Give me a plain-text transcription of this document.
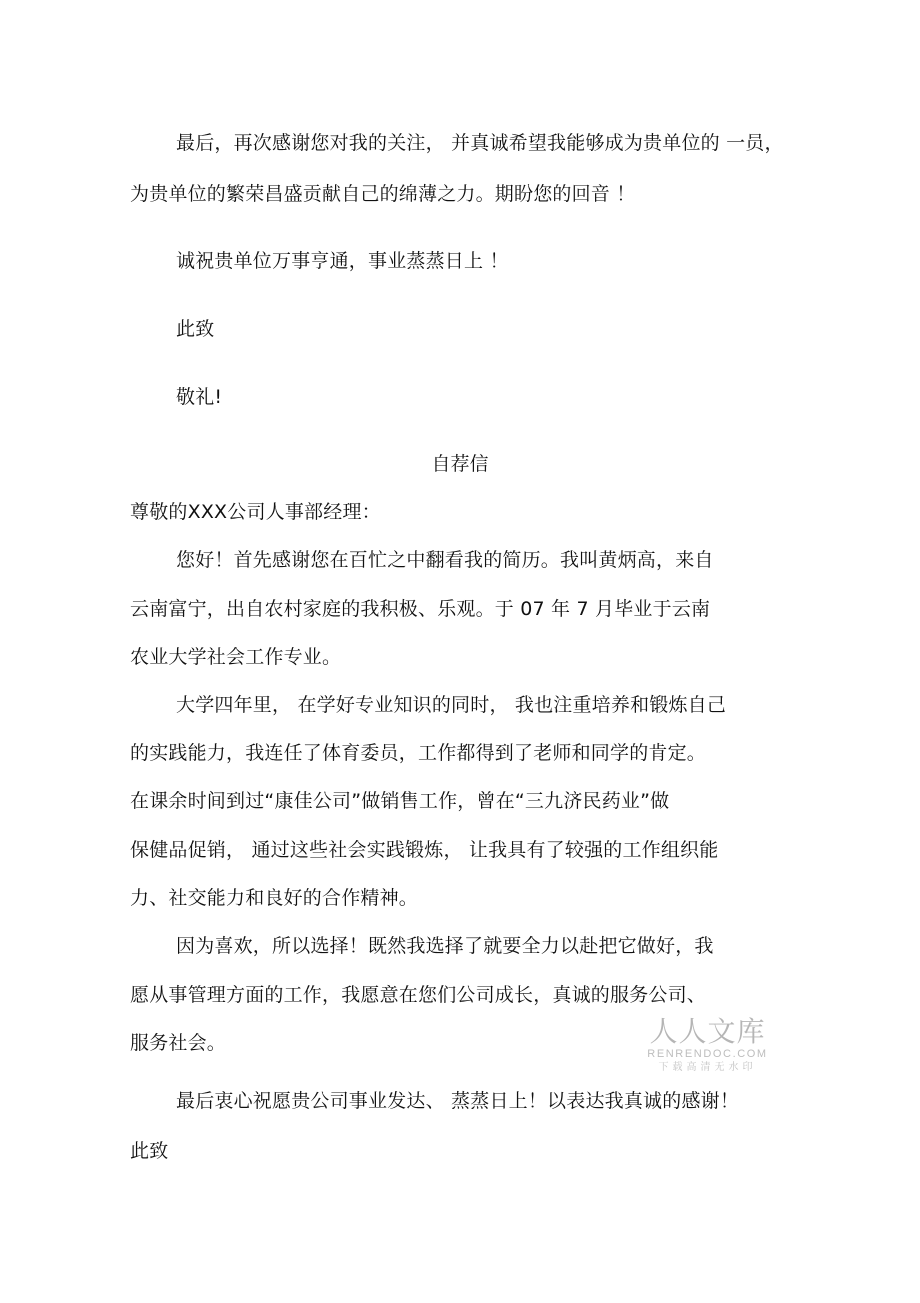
最后，再次感谢您对我的关注， 并真诚希望我能够成为贵单位的 一员，
为贵单位的繁荣昌盛贡献自己的绵薄之力。期盼您的回音 ！
诚祝贵单位万事亨通，事业蒸蒸日上 ！
此致
敬礼!
自荐信
尊敬的XXX公司人事部经理：
您好！首先感谢您在百忙之中翻看我的简历。我叫黄炳高，来自
云南富宁，出自农村家庭的我积极、乐观。于 07 年 7 月毕业于云南
农业大学社会工作专业。
大学四年里， 在学好专业知识的同时， 我也注重培养和锻炼自己
的实践能力，我连任了体育委员，工作都得到了老师和同学的肯定。
在课余时间到过“康佳公司”做销售工作，曾在“三九济民药业”做
保健品促销， 通过这些社会实践锻炼， 让我具有了较强的工作组织能
力、社交能力和良好的合作精神。
因为喜欢，所以选择！既然我选择了就要全力以赴把它做好，我
愿从事管理方面的工作，我愿意在您们公司成长，真诚的服务公司、
服务社会。
最后衷心祝愿贵公司事业发达、 蒸蒸日上！以表达我真诚的感谢！
此致
人人文库
RENRENDOC.COM
下载高清无水印
